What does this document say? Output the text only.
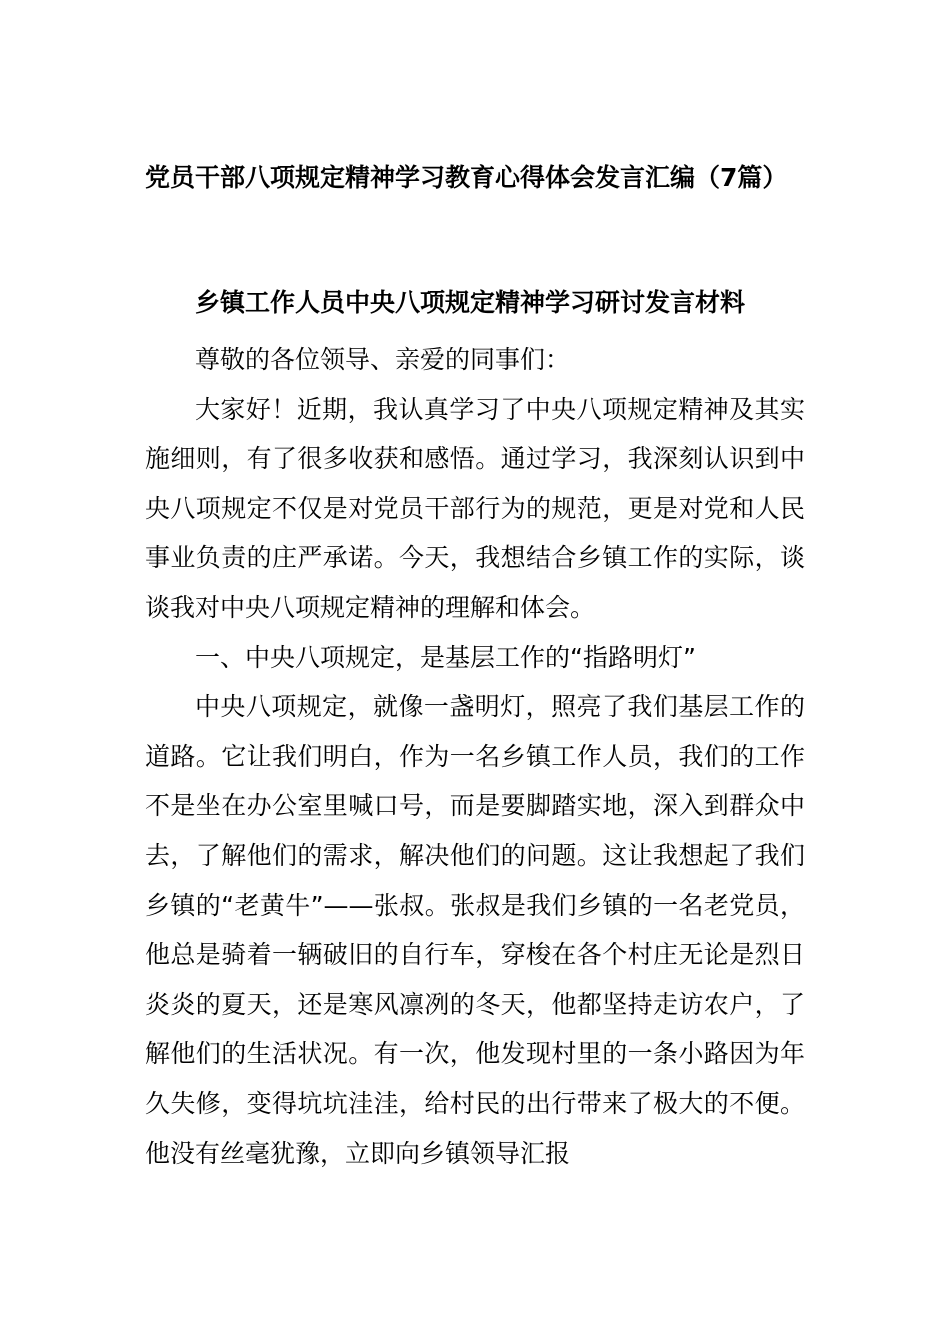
党员干部八项规定精神学习教育心得体会发言汇编（7篇）
乡镇工作人员中央八项规定精神学习研讨发言材料

尊敬的各位领导、亲爱的同事们：

大家好！近期，我认真学习了中央八项规定精神及其实施细则，有了很多收获和感悟。通过学习，我深刻认识到中央八项规定不仅是对党员干部行为的规范，更是对党和人民事业负责的庄严承诺。今天，我想结合乡镇工作的实际，谈谈我对中央八项规定精神的理解和体会。

一、中央八项规定，是基层工作的“指路明灯”

中央八项规定，就像一盏明灯，照亮了我们基层工作的道路。它让我们明白，作为一名乡镇工作人员，我们的工作不是坐在办公室里喊口号，而是要脚踏实地，深入到群众中去，了解他们的需求，解决他们的问题。这让我想起了我们乡镇的“老黄牛”——张叔。张叔是我们乡镇的一名老党员，他总是骑着一辆破旧的自行车，穿梭在各个村庄无论是烈日炎炎的夏天，还是寒风凛冽的冬天，他都坚持走访农户，了解他们的生活状况。有一次，他发现村里的一条小路因为年久失修，变得坑坑洼洼，给村民的出行带来了极大的不便。他没有丝毫犹豫，立即向乡镇领导汇报
